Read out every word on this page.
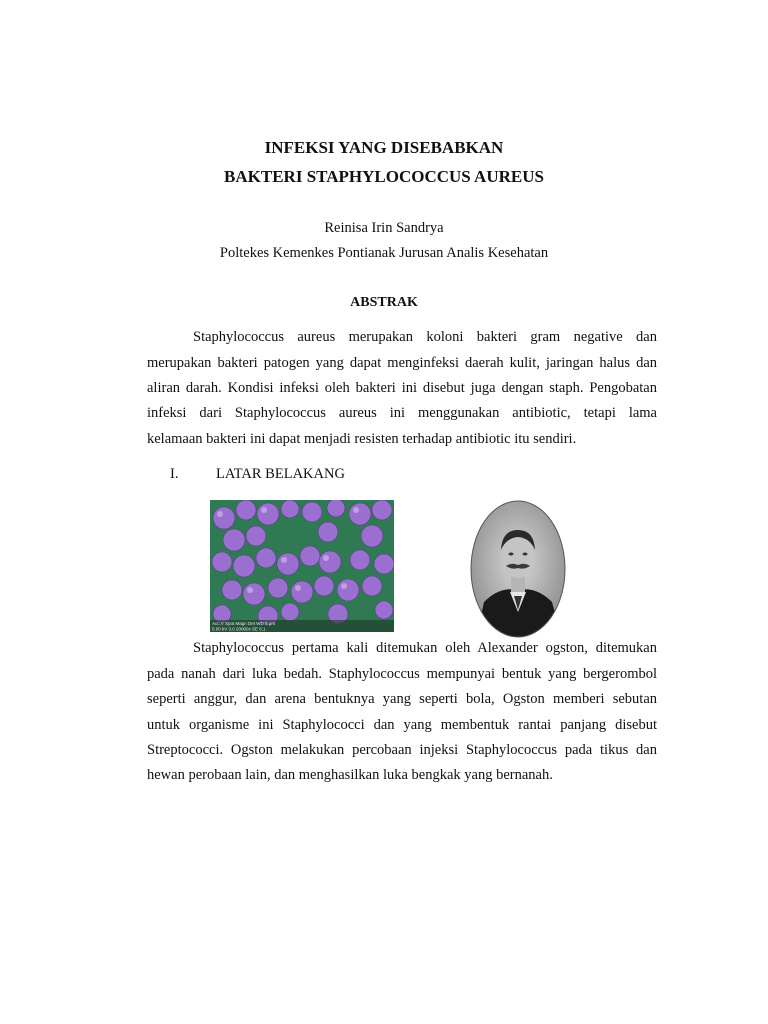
INFEKSI YANG DISEBABKAN
BAKTERI STAPHYLOCOCCUS AUREUS
Reinisa Irin Sandrya
Poltekes Kemenkes Pontianak Jurusan Analis Kesehatan
ABSTRAK
Staphylococcus aureus merupakan koloni bakteri gram negative dan
merupakan bakteri patogen yang dapat menginfeksi daerah kulit, jaringan halus dan
aliran darah. Kondisi infeksi oleh bakteri ini disebut juga dengan staph. Pengobatan
infeksi dari Staphylococcus aureus ini menggunakan antibiotic, tetapi lama
kelamaan bakteri ini dapat menjadi resisten terhadap antibiotic itu sendiri.
I.	LATAR BELAKANG
Acc.V Spot Magn Det WD 5 μm
5.00 kV 3.0 20000x SE 8.1
Staphylococcus pertama kali ditemukan oleh Alexander ogston, ditemukan
pada nanah dari luka bedah. Staphylococcus mempunyai bentuk yang bergerombol
seperti anggur, dan arena bentuknya yang seperti bola, Ogston memberi sebutan
untuk organisme ini Staphylococci dan yang membentuk rantai panjang disebut
Streptococci. Ogston melakukan percobaan injeksi Staphylococcus pada tikus dan
hewan perobaan lain, dan menghasilkan luka bengkak yang bernanah.
